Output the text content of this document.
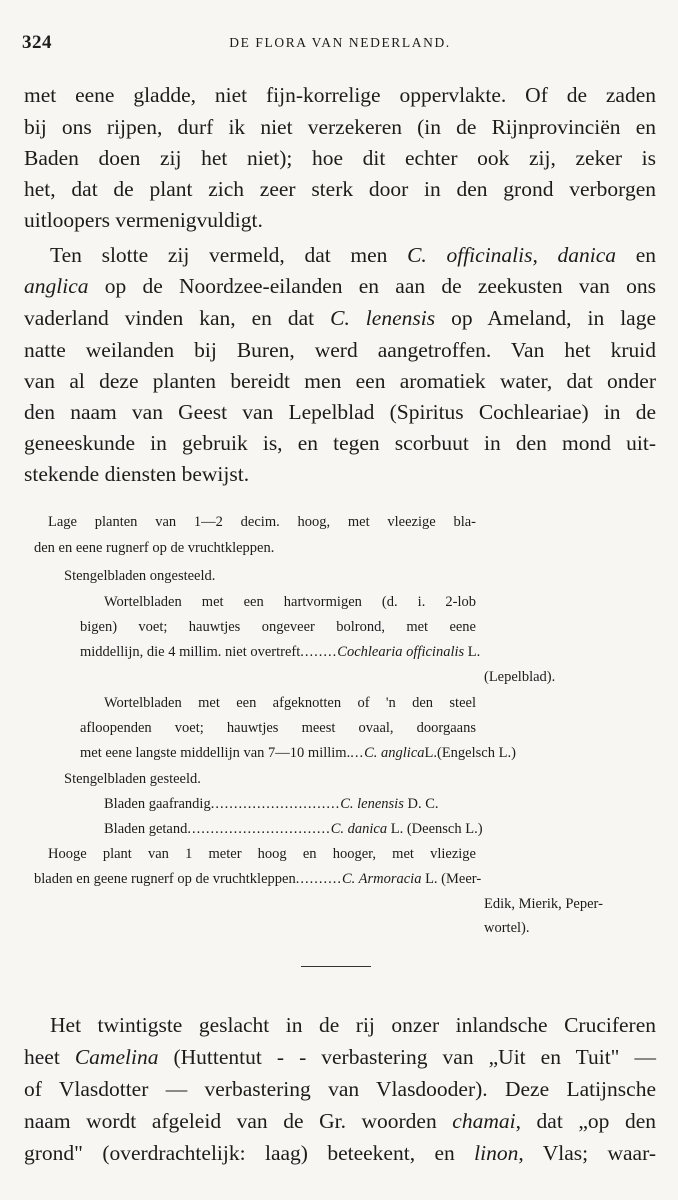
324	DE FLORA VAN NEDERLAND.
met eene gladde, niet fijn-korrelige oppervlakte. Of de zaden
bij ons rijpen, durf ik niet verzekeren (in de Rijnprovinciën en
Baden doen zij het niet); hoe dit echter ook zij, zeker is
het, dat de plant zich zeer sterk door in den grond verborgen
uitloopers vermenigvuldigt.
Ten slotte zij vermeld, dat men C. officinalis, danica en
anglica op de Noordzee-eilanden en aan de zeekusten van ons
vaderland vinden kan, en dat C. lenensis op Ameland, in lage
natte weilanden bij Buren, werd aangetroffen. Van het kruid
van al deze planten bereidt men een aromatiek water, dat onder
den naam van Geest van Lepelblad (Spiritus Cochleariae) in de
geneeskunde in gebruik is, en tegen scorbuut in den mond uit-
stekende diensten bewijst.
Lage planten van 1—2 decim. hoog, met vleezige bla-
den en eene rugnerf op de vruchtkleppen.
Stengelbladen ongesteeld.
Wortelbladen met een hartvormigen (d. i. 2-lob
bigen) voet; hauwtjes ongeveer bolrond, met eene
middellijn, die 4 millim. niet overtreft........Cochlearia officinalis L.
(Lepelblad).
Wortelbladen met een afgeknotten of 'n den steel
afloopenden voet; hauwtjes meest ovaal, doorgaans
met eene langste middellijn van 7—10 millim....C. anglicaL.(Engelsch L.)
Stengelbladen gesteeld.
Bladen gaafrandig............................C. lenensis D. C.
Bladen getand...............................C. danica L. (Deensch L.)
Hooge plant van 1 meter hoog en hooger, met vliezige
bladen en geene rugnerf op de vruchtkleppen..........C. Armoracia L. (Meer-
Edik, Mierik, Peper-
wortel).
Het twintigste geslacht in de rij onzer inlandsche Cruciferen
heet Camelina (Huttentut - - verbastering van „Uit en Tuit" —
of Vlasdotter — verbastering van Vlasdooder). Deze Latijnsche
naam wordt afgeleid van de Gr. woorden chamai, dat „op den
grond" (overdrachtelijk: laag) beteekent, en linon, Vlas; waar-
